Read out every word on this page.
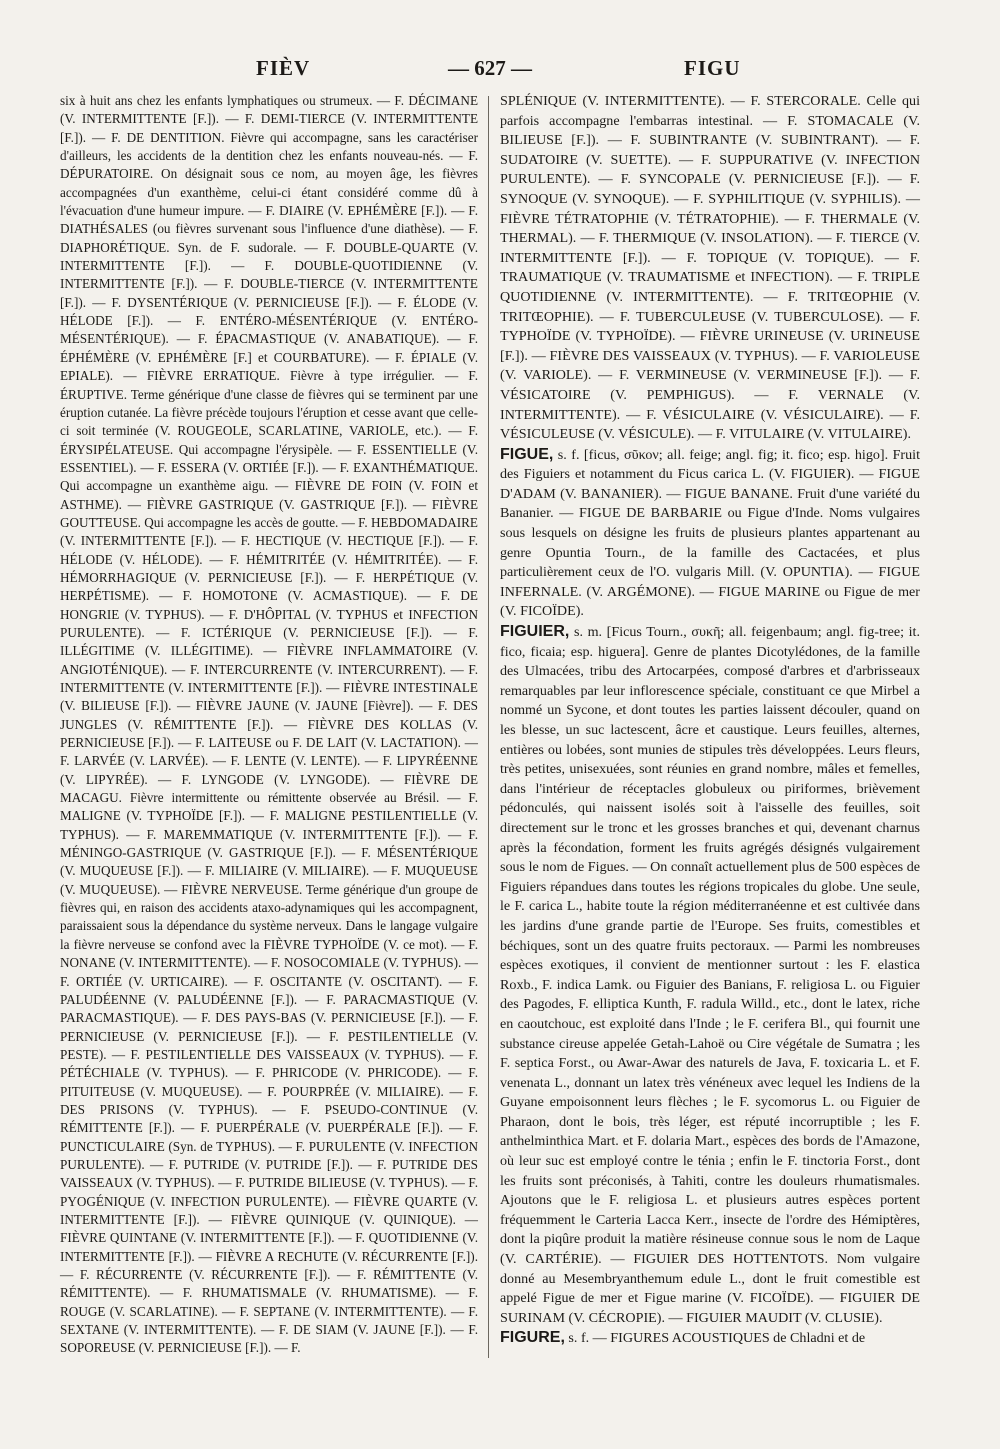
FIÈV	— 627 —	FIGU

six à huit ans chez les enfants lymphatiques ou strumeux. — F. DÉCIMANE (V. INTERMITTENTE [F.]). — F. DEMI-TIERCE (V. INTERMITTENTE [F.]). — F. DE DENTITION. Fièvre qui accompagne, sans les caractériser d'ailleurs, les accidents de la dentition chez les enfants nouveau-nés. — F. DÉPURATOIRE. On désignait sous ce nom, au moyen âge, les fièvres accompagnées d'un exanthème, celui-ci étant considéré comme dû à l'évacuation d'une humeur impure. — F. DIAIRE (V. EPHÉMÈRE [F.]). — F. DIATHÉSALES (ou fièvres survenant sous l'influence d'une diathèse). — F. DIAPHORÉTIQUE. Syn. de F. sudorale. — F. DOUBLE-QUARTE (V. INTERMITTENTE [F.]). — F. DOUBLE-QUOTIDIENNE (V. INTERMITTENTE [F.]). — F. DOUBLE-TIERCE (V. INTERMITTENTE [F.]). — F. DYSENTÉRIQUE (V. PERNICIEUSE [F.]). — F. ÉLODE (V. HÉLODE [F.]). — F. ENTÉRO-MÉSENTÉRIQUE (V. ENTÉRO-MÉSENTÉRIQUE). — F. ÉPACMASTIQUE (V. ANABATIQUE). — F. ÉPHÉMÈRE (V. EPHÉMÈRE [F.] et COURBATURE). — F. ÉPIALE (V. EPIALE). — FIÈVRE ERRATIQUE. Fièvre à type irrégulier. — F. ÉRUPTIVE. Terme générique d'une classe de fièvres qui se terminent par une éruption cutanée. La fièvre précède toujours l'éruption et cesse avant que celle-ci soit terminée (V. ROUGEOLE, SCARLATINE, VARIOLE, etc.). — F. ÉRYSIPÉLATEUSE. Qui accompagne l'érysipèle. — F. ESSENTIELLE (V. ESSENTIEL). — F. ESSERA (V. ORTIÉE [F.]). — F. EXANTHÉMATIQUE. Qui accompagne un exanthème aigu. — FIÈVRE DE FOIN (V. FOIN et ASTHME). — FIÈVRE GASTRIQUE (V. GASTRIQUE [F.]). — FIÈVRE GOUTTEUSE. Qui accompagne les accès de goutte. — F. HEBDOMADAIRE (V. INTERMITTENTE [F.]). — F. HECTIQUE (V. HECTIQUE [F.]). — F. HÉLODE (V. HÉLODE). — F. HÉMITRITÉE (V. HÉMITRITÉE). — F. HÉMORRHAGIQUE (V. PERNICIEUSE [F.]). — F. HERPÉTIQUE (V. HERPÉTISME). — F. HOMOTONE (V. ACMASTIQUE). — F. DE HONGRIE (V. TYPHUS). — F. D'HÔPITAL (V. TYPHUS et INFECTION PURULENTE). — F. ICTÉRIQUE (V. PERNICIEUSE [F.]). — F. ILLÉGITIME (V. ILLÉGITIME). — FIÈVRE INFLAMMATOIRE (V. ANGIOTÉNIQUE). — F. INTERCURRENTE (V. INTERCURRENT). — F. INTERMITTENTE (V. INTERMITTENTE [F.]). — FIÈVRE INTESTINALE (V. BILIEUSE [F.]). — FIÈVRE JAUNE (V. JAUNE [Fièvre]). — F. DES JUNGLES (V. RÉMITTENTE [F.]). — FIÈVRE DES KOLLAS (V. PERNICIEUSE [F.]). — F. LAITEUSE ou F. DE LAIT (V. LACTATION). — F. LARVÉE (V. LARVÉE). — F. LENTE (V. LENTE). — F. LIPYRÉENNE (V. LIPYRÉE). — F. LYNGODE (V. LYNGODE). — FIÈVRE DE MACAGU. Fièvre intermittente ou rémittente observée au Brésil. — F. MALIGNE (V. TYPHOÏDE [F.]). — F. MALIGNE PESTILENTIELLE (V. TYPHUS). — F. MAREMMATIQUE (V. INTERMITTENTE [F.]). — F. MÉNINGO-GASTRIQUE (V. GASTRIQUE [F.]). — F. MÉSENTÉRIQUE (V. MUQUEUSE [F.]). — F. MILIAIRE (V. MILIAIRE). — F. MUQUEUSE (V. MUQUEUSE). — FIÈVRE NERVEUSE. Terme générique d'un groupe de fièvres qui, en raison des accidents ataxo-adynamiques qui les accompagnent, paraissaient sous la dépendance du système nerveux. Dans le langage vulgaire la fièvre nerveuse se confond avec la FIÈVRE TYPHOÏDE (V. ce mot). — F. NONANE (V. INTERMITTENTE). — F. NOSOCOMIALE (V. TYPHUS). — F. ORTIÉE (V. URTICAIRE). — F. OSCITANTE (V. OSCITANT). — F. PALUDÉENNE (V. PALUDÉENNE [F.]). — F. PARACMASTIQUE (V. PARACMASTIQUE). — F. DES PAYS-BAS (V. PERNICIEUSE [F.]). — F. PERNICIEUSE (V. PERNICIEUSE [F.]). — F. PESTILENTIELLE (V. PESTE). — F. PESTILENTIELLE DES VAISSEAUX (V. TYPHUS). — F. PÉTÉCHIALE (V. TYPHUS). — F. PHRICODE (V. PHRICODE). — F. PITUITEUSE (V. MUQUEUSE). — F. POURPRÉE (V. MILIAIRE). — F. DES PRISONS (V. TYPHUS). — F. PSEUDO-CONTINUE (V. RÉMITTENTE [F.]). — F. PUERPÉRALE (V. PUERPÉRALE [F.]). — F. PUNCTICULAIRE (Syn. de TYPHUS). — F. PURULENTE (V. INFECTION PURULENTE). — F. PUTRIDE (V. PUTRIDE [F.]). — F. PUTRIDE DES VAISSEAUX (V. TYPHUS). — F. PUTRIDE BILIEUSE (V. TYPHUS). — F. PYOGÉNIQUE (V. INFECTION PURULENTE). — FIÈVRE QUARTE (V. INTERMITTENTE [F.]). — FIÈVRE QUINIQUE (V. QUINIQUE). — FIÈVRE QUINTANE (V. INTERMITTENTE [F.]). — F. QUOTIDIENNE (V. INTERMITTENTE [F.]). — FIÈVRE A RECHUTE (V. RÉCURRENTE [F.]). — F. RÉCURRENTE (V. RÉCURRENTE [F.]). — F. RÉMITTENTE (V. RÉMITTENTE). — F. RHUMATISMALE (V. RHUMATISME). — F. ROUGE (V. SCARLATINE). — F. SEPTANE (V. INTERMITTENTE). — F. SEXTANE (V. INTERMITTENTE). — F. DE SIAM (V. JAUNE [F.]). — F. SOPOREUSE (V. PERNICIEUSE [F.]). — F.

SPLÉNIQUE (V. INTERMITTENTE). — F. STERCORALE. Celle qui parfois accompagne l'embarras intestinal. — F. STOMACALE (V. BILIEUSE [F.]). — F. SUBINTRANTE (V. SUBINTRANT). — F. SUDATOIRE (V. SUETTE). — F. SUPPURATIVE (V. INFECTION PURULENTE). — F. SYNCOPALE (V. PERNICIEUSE [F.]). — F. SYNOQUE (V. SYNOQUE). — F. SYPHILITIQUE (V. SYPHILIS). — FIÈVRE TÉTRATOPHIE (V. TÉTRATOPHIE). — F. THERMALE (V. THERMAL). — F. THERMIQUE (V. INSOLATION). — F. TIERCE (V. INTERMITTENTE [F.]). — F. TOPIQUE (V. TOPIQUE). — F. TRAUMATIQUE (V. TRAUMATISME et INFECTION). — F. TRIPLE QUOTIDIENNE (V. INTERMITTENTE). — F. TRITŒOPHIE (V. TRITŒOPHIE). — F. TUBERCULEUSE (V. TUBERCULOSE). — F. TYPHOÏDE (V. TYPHOÏDE). — FIÈVRE URINEUSE (V. URINEUSE [F.]). — FIÈVRE DES VAISSEAUX (V. TYPHUS). — F. VARIOLEUSE (V. VARIOLE). — F. VERMINEUSE (V. VERMINEUSE [F.]). — F. VÉSICATOIRE (V. PEMPHIGUS). — F. VERNALE (V. INTERMITTENTE). — F. VÉSICULAIRE (V. VÉSICULAIRE). — F. VÉSICULEUSE (V. VÉSICULE). — F. VITULAIRE (V. VITULAIRE).

FIGUE, s. f. [ficus, σῦκον; all. feige; angl. fig; it. fico; esp. higo]. Fruit des Figuiers et notamment du Ficus carica L. (V. FIGUIER). — FIGUE D'ADAM (V. BANANIER). — FIGUE BANANE. Fruit d'une variété du Bananier. — FIGUE DE BARBARIE ou Figue d'Inde. Noms vulgaires sous lesquels on désigne les fruits de plusieurs plantes appartenant au genre Opuntia Tourn., de la famille des Cactacées, et plus particulièrement ceux de l'O. vulgaris Mill. (V. OPUNTIA). — FIGUE INFERNALE. (V. ARGÉMONE). — FIGUE MARINE ou Figue de mer (V. FICOÏDE).

FIGUIER, s. m. [Ficus Tourn., συκῆ; all. feigenbaum; angl. fig-tree; it. fico, ficaia; esp. higuera]. Genre de plantes Dicotylédones, de la famille des Ulmacées, tribu des Artocarpées, composé d'arbres et d'arbrisseaux remarquables par leur inflorescence spéciale, constituant ce que Mirbel a nommé un Sycone, et dont toutes les parties laissent découler, quand on les blesse, un suc lactescent, âcre et caustique. Leurs feuilles, alternes, entières ou lobées, sont munies de stipules très développées. Leurs fleurs, très petites, unisexuées, sont réunies en grand nombre, mâles et femelles, dans l'intérieur de réceptacles globuleux ou piriformes, brièvement pédonculés, qui naissent isolés soit à l'aisselle des feuilles, soit directement sur le tronc et les grosses branches et qui, devenant charnus après la fécondation, forment les fruits agrégés désignés vulgairement sous le nom de Figues. — On connaît actuellement plus de 500 espèces de Figuiers répandues dans toutes les régions tropicales du globe. Une seule, le F. carica L., habite toute la région méditerranéenne et est cultivée dans les jardins d'une grande partie de l'Europe. Ses fruits, comestibles et béchiques, sont un des quatre fruits pectoraux. — Parmi les nombreuses espèces exotiques, il convient de mentionner surtout : les F. elastica Roxb., F. indica Lamk. ou Figuier des Banians, F. religiosa L. ou Figuier des Pagodes, F. elliptica Kunth, F. radula Willd., etc., dont le latex, riche en caoutchouc, est exploité dans l'Inde ; le F. cerifera Bl., qui fournit une substance cireuse appelée Getah-Lahoë ou Cire végétale de Sumatra ; les F. septica Forst., ou Awar-Awar des naturels de Java, F. toxicaria L. et F. venenata L., donnant un latex très vénéneux avec lequel les Indiens de la Guyane empoisonnent leurs flèches ; le F. sycomorus L. ou Figuier de Pharaon, dont le bois, très léger, est réputé incorruptible ; les F. anthelminthica Mart. et F. dolaria Mart., espèces des bords de l'Amazone, où leur suc est employé contre le ténia ; enfin le F. tinctoria Forst., dont les fruits sont préconisés, à Tahiti, contre les douleurs rhumatismales. Ajoutons que le F. religiosa L. et plusieurs autres espèces portent fréquemment le Carteria Lacca Kerr., insecte de l'ordre des Hémiptères, dont la piqûre produit la matière résineuse connue sous le nom de Laque (V. CARTÉRIE). — FIGUIER DES HOTTENTOTS. Nom vulgaire donné au Mesembryanthemum edule L., dont le fruit comestible est appelé Figue de mer et Figue marine (V. FICOÏDE). — FIGUIER DE SURINAM (V. CÉCROPIE). — FIGUIER MAUDIT (V. CLUSIE).

FIGURE, s. f. — FIGURES ACOUSTIQUES de Chladni et de
